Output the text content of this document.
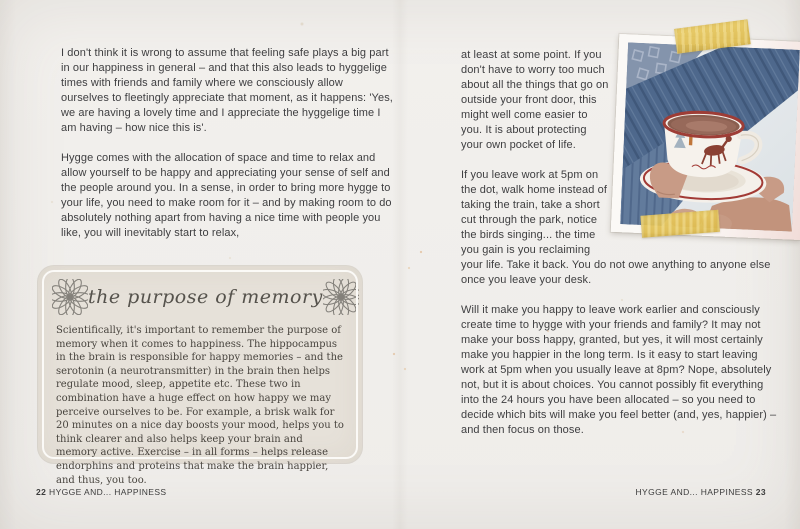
I don't think it is wrong to assume that feeling safe plays a big part in our happiness in general – and that this also leads to hyggelige times with friends and family where we consciously allow ourselves to fleetingly appreciate that moment, as it happens: 'Yes, we are having a lovely time and I appreciate the hyggelige time I am having – how nice this is'.

Hygge comes with the allocation of space and time to relax and allow yourself to be happy and appreciating your sense of self and the people around you. In a sense, in order to bring more hygge to your life, you need to make room for it – and by making room to do absolutely nothing apart from having a nice time with people you like, you will inevitably start to relax,

the purpose of memory
Scientifically, it's important to remember the purpose of memory when it comes to happiness. The hippocampus in the brain is responsible for happy memories – and the serotonin (a neurotransmitter) in the brain then helps regulate mood, sleep, appetite etc. These two in combination have a huge effect on how happy we may perceive ourselves to be. For example, a brisk walk for 20 minutes on a nice day boosts your mood, helps you to think clearer and also helps keep your brain and memory active. Exercise – in all forms – helps release endorphins and proteins that make the brain happier, and thus, you too.
22 HYGGE AND... HAPPINESS

at least at some point. If you don't have to worry too much about all the things that go on outside your front door, this might well come easier to you. It is about protecting your own pocket of life.

If you leave work at 5pm on the dot, walk home instead of taking the train, take a short cut through the park, notice the birds singing... the time you gain is you reclaiming your life. Take it back. You do not owe anything to anyone else once you leave your desk.

Will it make you happy to leave work earlier and consciously create time to hygge with your friends and family? It may not make your boss happy, granted, but yes, it will most certainly make you happier in the long term. Is it easy to start leaving work at 5pm when you usually leave at 8pm? Nope, absolutely not, but it is about choices. You cannot possibly fit everything into the 24 hours you have been allocated – so you need to decide which bits will make you feel better (and, yes, happier) – and then focus on those.

HYGGE AND... HAPPINESS 23
